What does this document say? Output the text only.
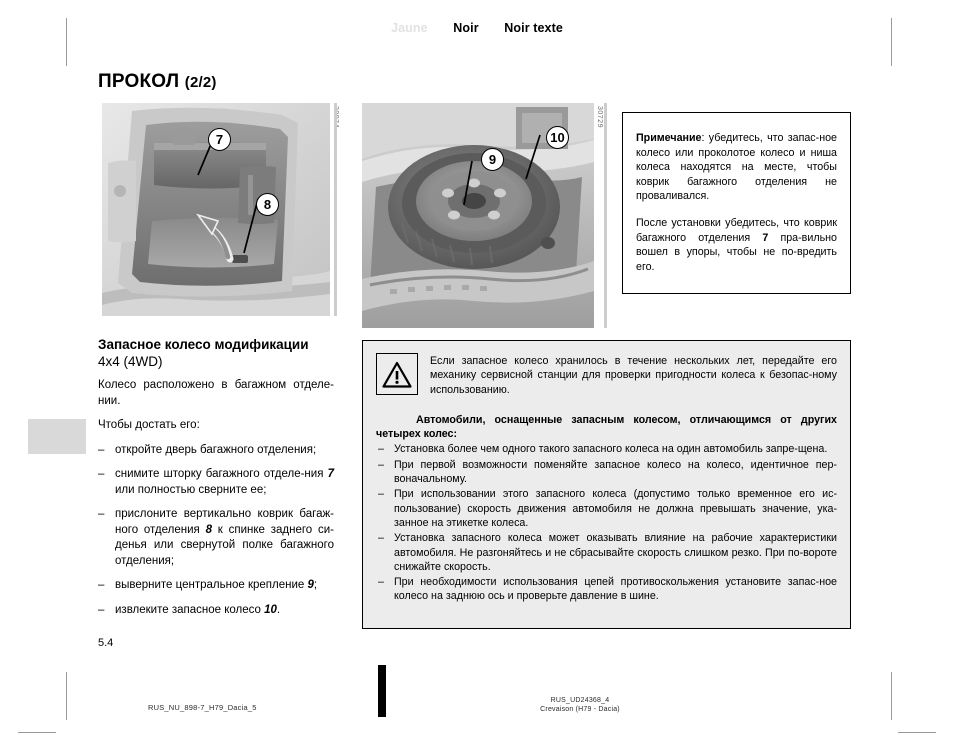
Jaune Noir Noir texte
ПРОКОЛ (2/2)
7
8
9
10
30729
Запасное колесо модификации
4x4 (4WD)

Колесо расположено в багажном отделе-нии.

Чтобы достать его:

– откройте дверь багажного отделения;
– снимите шторку багажного отделе-ния 7 или полностью сверните ее;
– прислоните вертикально коврик багаж-ного отделения 8 к спинке заднего си-денья или свернутой полке багажного отделения;
– выверните центральное крепление 9;
– извлеките запасное колесо 10.
5.4

Примечание: убедитесь, что запас-ное колесо или проколотое колесо и ниша колеса находятся на месте, чтобы коврик багажного отделения не проваливался.

После установки убедитесь, что коврик багажного отделения 7 пра-вильно вошел в упоры, чтобы не по-вредить его.

Если запасное колесо хранилось в течение нескольких лет, передайте его механику сервисной станции для проверки пригодности колеса к безопас-ному использованию.

Автомобили, оснащенные запасным колесом, отличающимся от других четырех колес:

– Установка более чем одного такого запасного колеса на один автомобиль запре-щена.
– При первой возможности поменяйте запасное колесо на колесо, идентичное пер-воначальному.
– При использовании этого запасного колеса (допустимо только временное его ис-пользование) скорость движения автомобиля не должна превышать значение, ука-занное на этикетке колеса.
– Установка запасного колеса может оказывать влияние на рабочие характеристики автомобиля. Не разгоняйтесь и не сбрасывайте скорость слишком резко. При по-вороте снижайте скорость.
– При необходимости использования цепей противоскольжения установите запас-ное колесо на заднюю ось и проверьте давление в шине.
RUS_NU_898-7_H79_Dacia_5
RUS_UD24368_4
Crevaison (H79 - Dacia)
